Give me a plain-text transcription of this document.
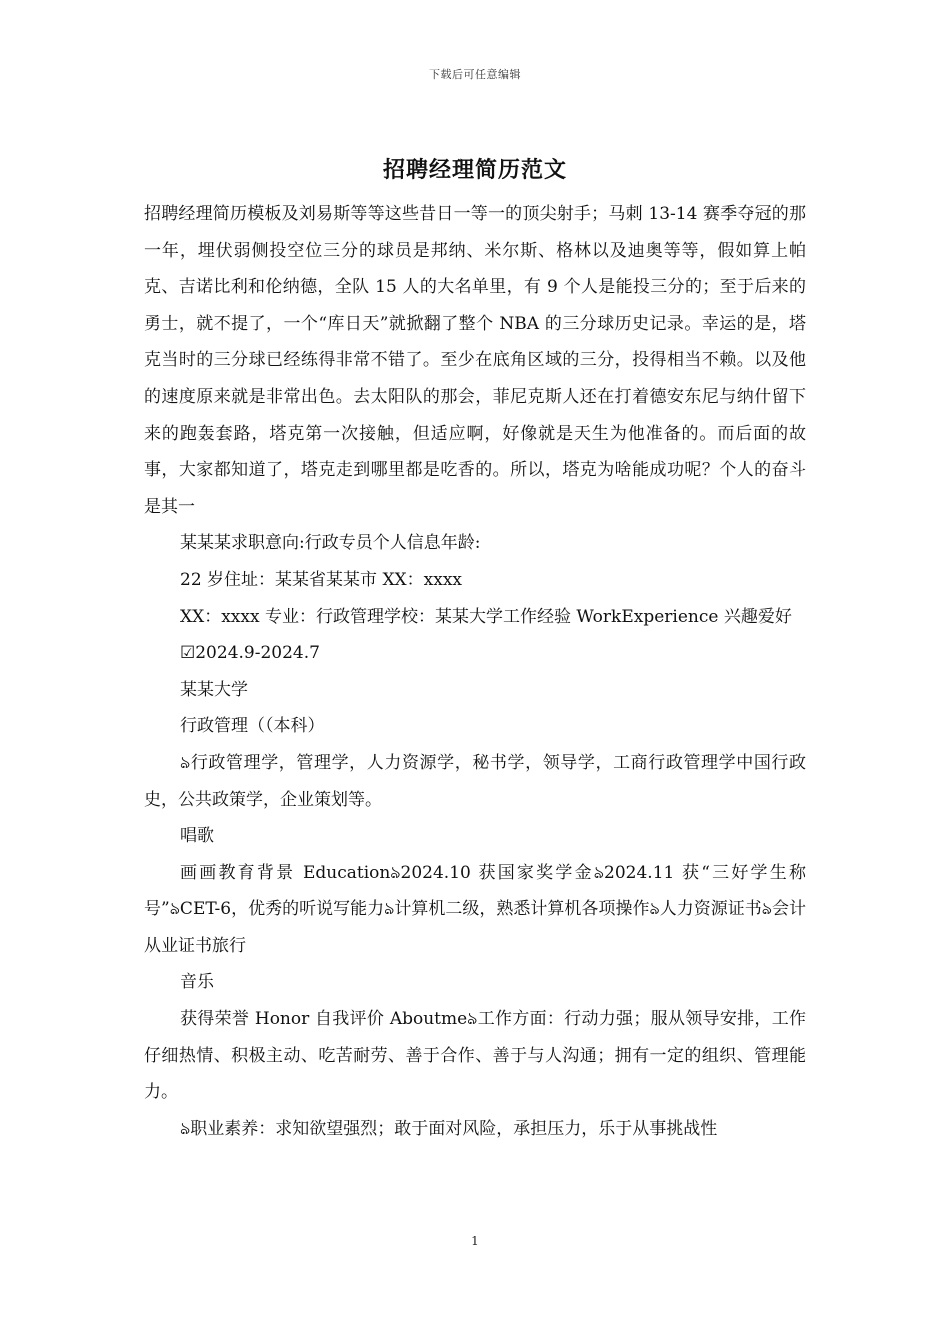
下载后可任意编辑
招聘经理简历范文

招聘经理简历模板及刘易斯等等这些昔日一等一的顶尖射手；马刺 13-14 赛季夺冠的那一年，埋伏弱侧投空位三分的球员是邦纳、米尔斯、格林以及迪奥等等，假如算上帕克、吉诺比利和伦纳德，全队 15 人的大名单里，有 9 个人是能投三分的；至于后来的勇士，就不提了，一个“库日天”就掀翻了整个 NBA 的三分球历史记录。幸运的是，塔克当时的三分球已经练得非常不错了。至少在底角区域的三分，投得相当不赖。以及他的速度原来就是非常出色。去太阳队的那会，菲尼克斯人还在打着德安东尼与纳什留下来的跑轰套路，塔克第一次接触，但适应啊，好像就是天生为他准备的。而后面的故事，大家都知道了，塔克走到哪里都是吃香的。所以，塔克为啥能成功呢？个人的奋斗是其一

某某某求职意向:行政专员个人信息年龄:

22 岁住址：某某省某某市 XX：xxxx

XX：xxxx 专业：行政管理学校：某某大学工作经验 WorkExperience 兴趣爱好

☑2024.9-2024.7

某某大学

行政管理（（本科）

ঌ行政管理学，管理学，人力资源学，秘书学，领导学，工商行政管理学中国行政史，公共政策学，企业策划等。

唱歌

画画教育背景 Educationঌ2024.10 获国家奖学金ঌ2024.11 获“三好学生称号”ঌCET-6，优秀的听说写能力ঌ计算机二级，熟悉计算机各项操作ঌ人力资源证书ঌ会计从业证书旅行

音乐

获得荣誉 Honor 自我评价 Aboutmeঌ工作方面：行动力强；服从领导安排，工作仔细热情、积极主动、吃苦耐劳、善于合作、善于与人沟通；拥有一定的组织、管理能力。

ঌ职业素养：求知欲望强烈；敢于面对风险，承担压力，乐于从事挑战性

1
